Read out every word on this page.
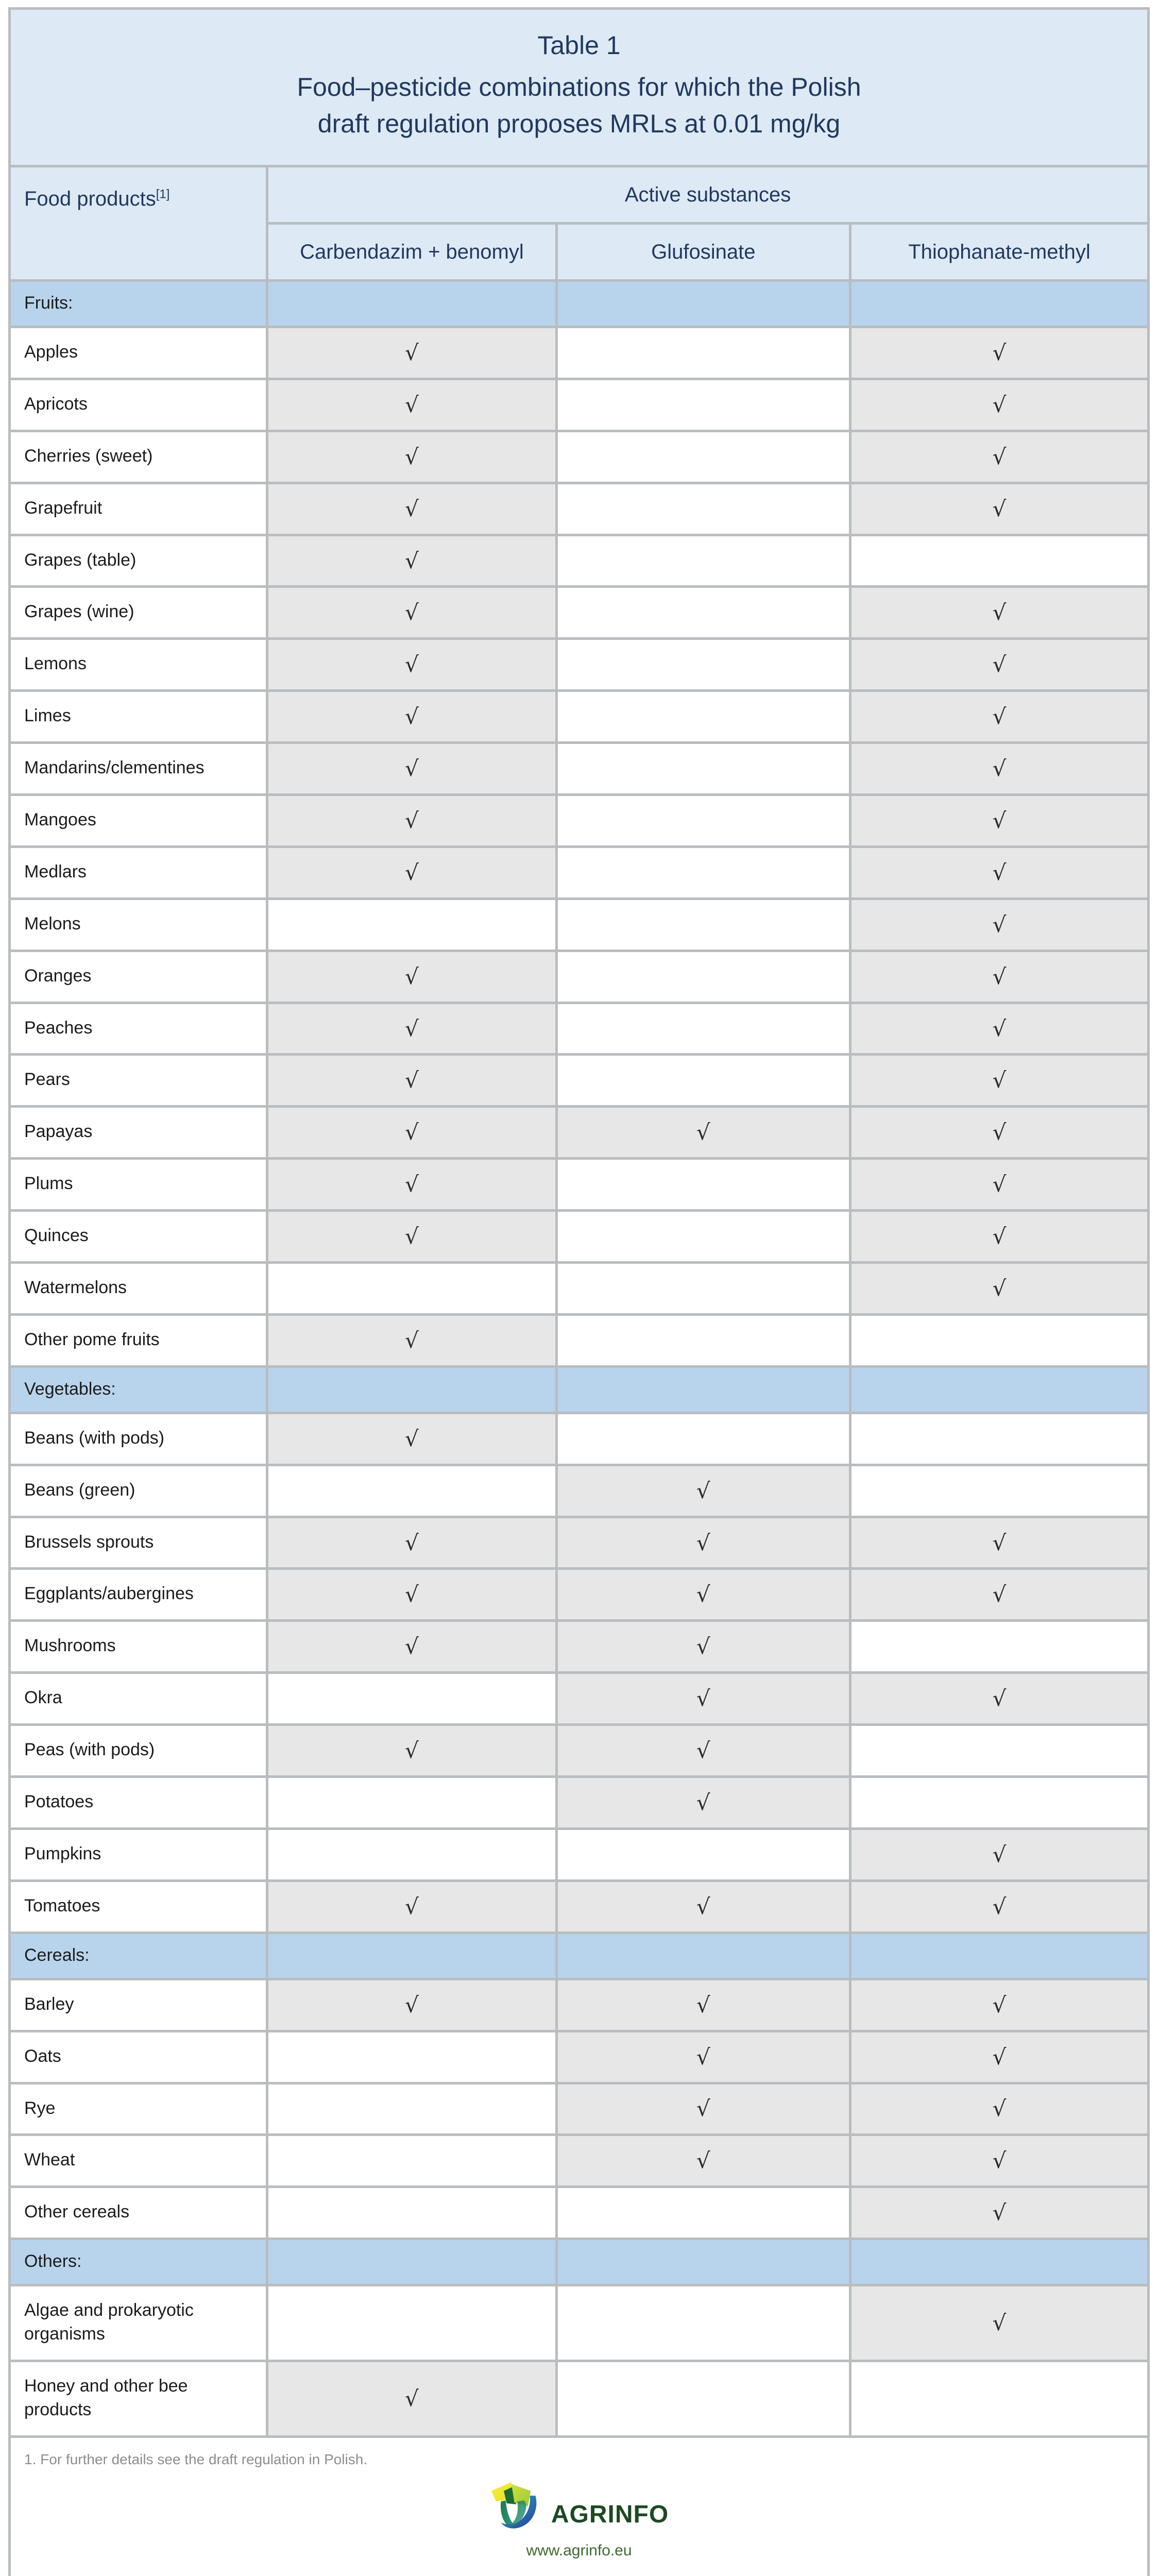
Table 1
Food–pesticide combinations for which the Polish
draft regulation proposes MRLs at 0.01 mg/kg			

Food products[1]	Active substances		
	Carbendazim + benomyl	Glufosinate	Thiophanate-methyl
Fruits:			
Apples	√		√
Apricots	√		√
Cherries (sweet)	√		√
Grapefruit	√		√
Grapes (table)	√		
Grapes (wine)	√		√
Lemons	√		√
Limes	√		√
Mandarins/clementines	√		√
Mangoes	√		√
Medlars	√		√
Melons			√
Oranges	√		√
Peaches	√		√
Pears	√		√
Papayas	√	√	√
Plums	√		√
Quinces	√		√
Watermelons			√
Other pome fruits	√		
Vegetables:			
Beans (with pods)	√		
Beans (green)		√	
Brussels sprouts	√	√	√
Eggplants/aubergines	√	√	√
Mushrooms	√	√	
Okra		√	√
Peas (with pods)	√	√	
Potatoes		√	
Pumpkins			√
Tomatoes	√	√	√
Cereals:			
Barley	√	√	√
Oats		√	√
Rye		√	√
Wheat		√	√
Other cereals			√
Others:			
Algae and prokaryotic organisms			√
Honey and other bee products	√		

1. For further details see the draft regulation in Polish.
AGRINFO
www.agrinfo.eu			
